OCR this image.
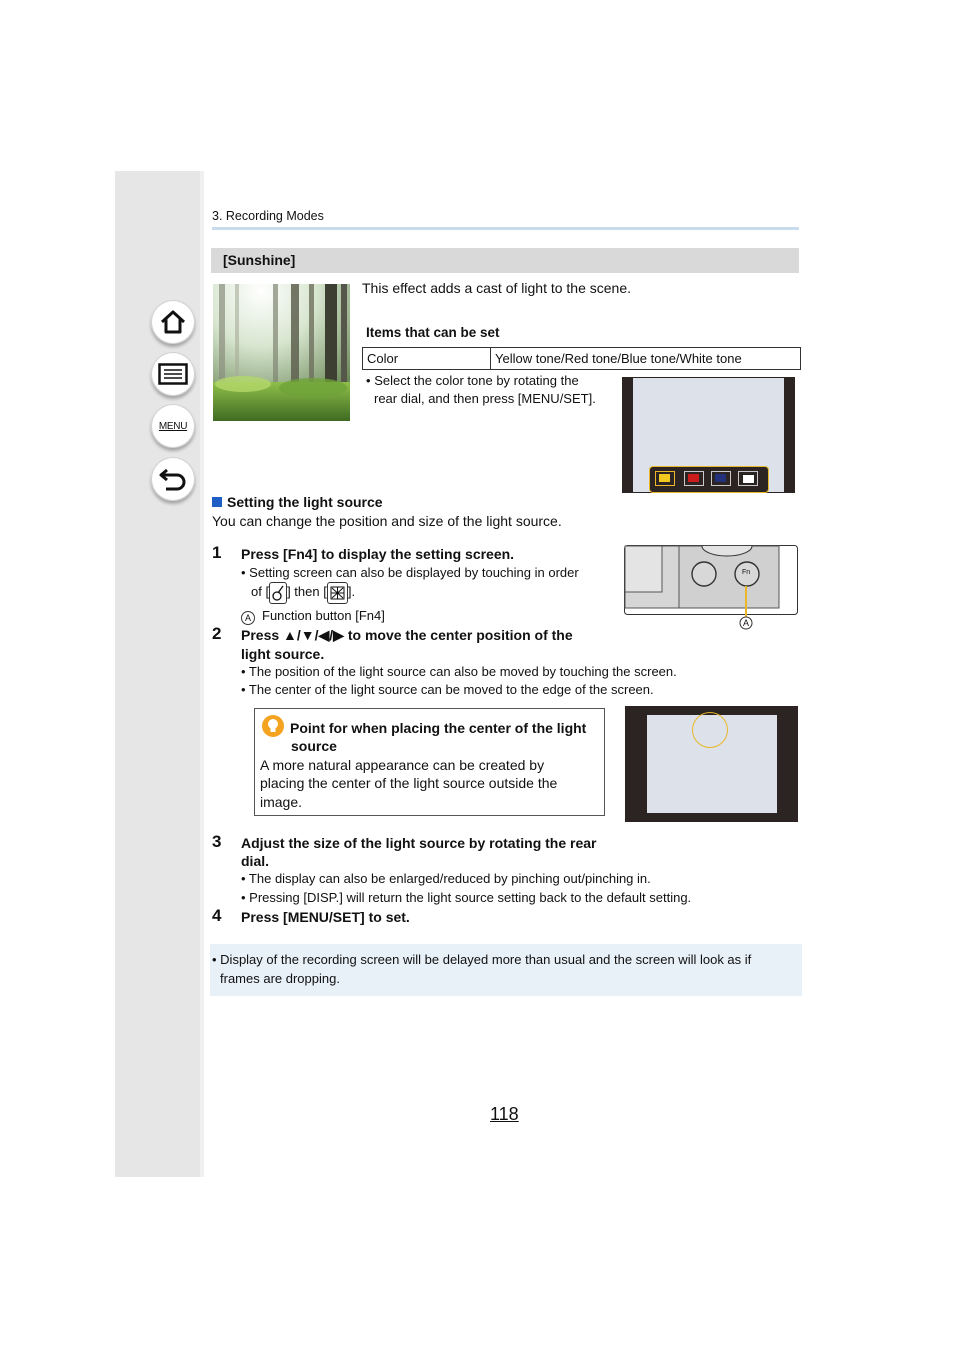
MENU
3. Recording Modes
[Sunshine]
This effect adds a cast of light to the scene.
Items that can be set
Color	Yellow tone/Red tone/Blue tone/White tone
• Select the color tone by rotating the
rear dial, and then press [MENU/SET].
Setting the light source
You can change the position and size of the light source.
1 Press [Fn4] to display the setting screen.
• Setting screen can also be displayed by touching in order
of [ ] then [ ].
A Function button [Fn4]
Fn
A
2 Press ▲/▼/◀/▶ to move the center position of the
light source.
• The position of the light source can also be moved by touching the screen.
• The center of the light source can be moved to the edge of the screen.
Point for when placing the center of the light
source
A more natural appearance can be created by
placing the center of the light source outside the
image.
3 Adjust the size of the light source by rotating the rear
dial.
• The display can also be enlarged/reduced by pinching out/pinching in.
• Pressing [DISP.] will return the light source setting back to the default setting.
4 Press [MENU/SET] to set.
• Display of the recording screen will be delayed more than usual and the screen will look as if
frames are dropping.
118
